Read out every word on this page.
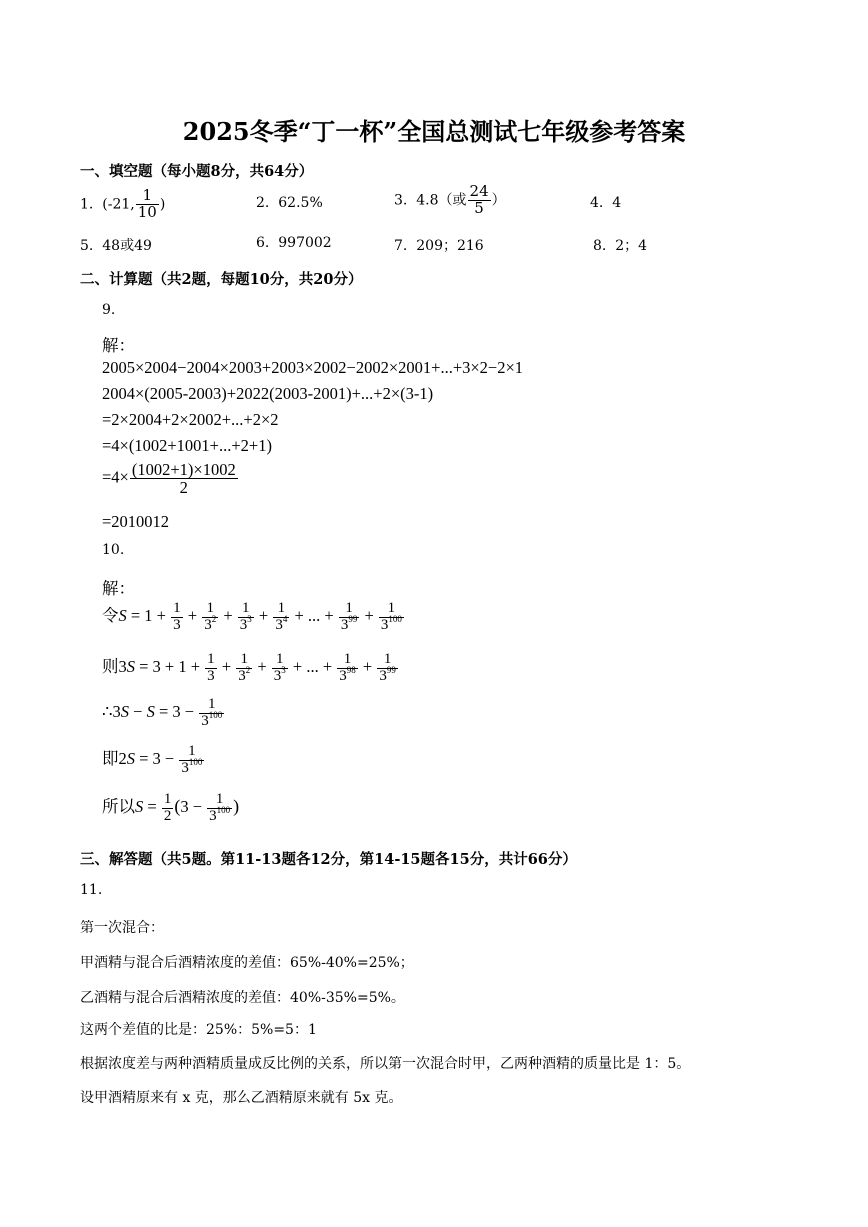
2025冬季“丁一杯”全国总测试七年级参考答案
一、填空题（每小题8分，共64分）
1. (-21, $\frac{1}{10}$ )	2. 62.5%	3. 4.8（或 $\frac{24}{5}$ ）	4. 4
5. 48或49	6. 997002	7. 209；216	8. 2；4
二、计算题（共2题，每题10分，共20分）
9.
解：
2005×2004−2004×2003+2003×2002−2002×2001+...+3×2−2×1
2004×(2005-2003)+2022(2003-2001)+...+2×(3-1)
=2×2004+2×2002+...+2×2
=4×(1002+1001+...+2+1)
$=4\times \frac{(1002+1)\times 1002}{2}$
=2010012
10.
解：
令$S = 1 + \frac{1}{3} + \frac{1}{3^2} + \frac{1}{3^3} + \frac{1}{3^4}$ + ... + $\frac{1}{3^{99}} + \frac{1}{3^{100}}$
则$3S = 3 + 1 + \frac{1}{3} + \frac{1}{3^2} + \frac{1}{3^3}$ + ... + $\frac{1}{3^{98}} + \frac{1}{3^{99}}$
∴3S − $S = 3 - \frac{1}{3^{100}}$
即$2S = 3 - \frac{1}{3^{100}}$
所以$S = \frac{1}{2} (3 - \frac{1}{3^{100}}$ )
三、解答题（共5题。第11-13题各12分，第14-15题各15分，共计66分）
11.
第一次混合：
甲酒精与混合后酒精浓度的差值：65%-40%=25%；
乙酒精与混合后酒精浓度的差值：40%-35%=5%。
这两个差值的比是：25%：5%=5：1
根据浓度差与两种酒精质量成反比例的关系，所以第一次混合时甲，乙两种酒精的质量比是 1：5。
设甲酒精原来有 x 克，那么乙酒精原来就有 5x 克。
